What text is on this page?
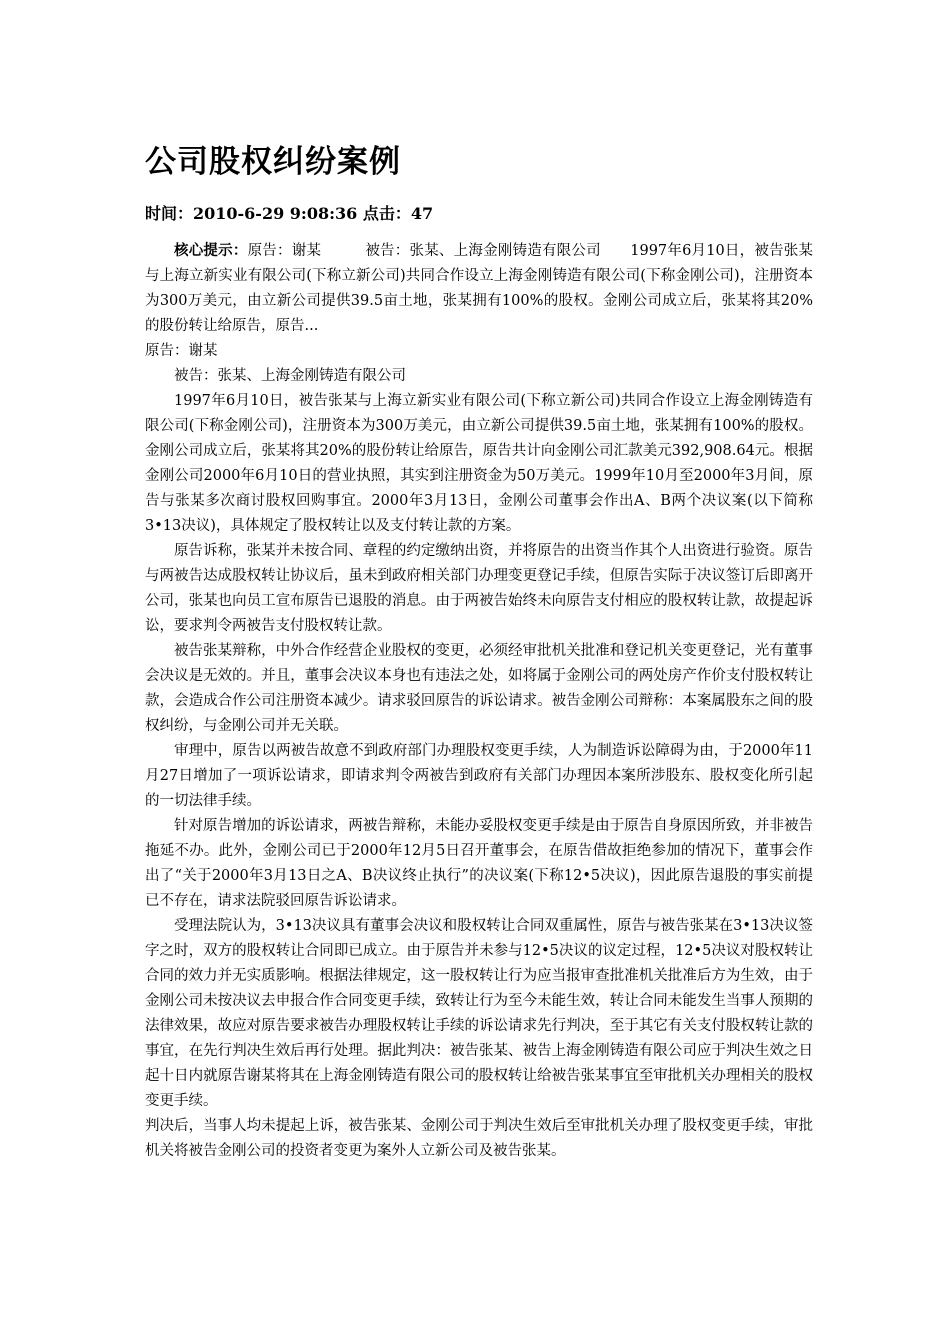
公司股权纠纷案例
时间：2010-6-29 9:08:36 点击：47

核心提示：原告：谢某　　　被告：张某、上海金刚铸造有限公司　　1997年6月10日，被告张某与上海立新实业有限公司(下称立新公司)共同合作设立上海金刚铸造有限公司(下称金刚公司)，注册资本为300万美元，由立新公司提供39.5亩土地，张某拥有100%的股权。金刚公司成立后，张某将其20%的股份转让给原告，原告...

原告：谢某

被告：张某、上海金刚铸造有限公司

1997年6月10日，被告张某与上海立新实业有限公司(下称立新公司)共同合作设立上海金刚铸造有限公司(下称金刚公司)，注册资本为300万美元，由立新公司提供39.5亩土地，张某拥有100%的股权。金刚公司成立后，张某将其20%的股份转让给原告，原告共计向金刚公司汇款美元392,908.64元。根据金刚公司2000年6月10日的营业执照，其实到注册资金为50万美元。1999年10月至2000年3月间，原告与张某多次商讨股权回购事宜。2000年3月13日，金刚公司董事会作出A、B两个决议案(以下简称3•13决议)，具体规定了股权转让以及支付转让款的方案。

原告诉称，张某并未按合同、章程的约定缴纳出资，并将原告的出资当作其个人出资进行验资。原告与两被告达成股权转让协议后，虽未到政府相关部门办理变更登记手续，但原告实际于决议签订后即离开公司，张某也向员工宣布原告已退股的消息。由于两被告始终未向原告支付相应的股权转让款，故提起诉讼，要求判令两被告支付股权转让款。

被告张某辩称，中外合作经营企业股权的变更，必须经审批机关批准和登记机关变更登记，光有董事会决议是无效的。并且，董事会决议本身也有违法之处，如将属于金刚公司的两处房产作价支付股权转让款，会造成合作公司注册资本减少。请求驳回原告的诉讼请求。被告金刚公司辩称：本案属股东之间的股权纠纷，与金刚公司并无关联。

审理中，原告以两被告故意不到政府部门办理股权变更手续，人为制造诉讼障碍为由，于2000年11月27日增加了一项诉讼请求，即请求判令两被告到政府有关部门办理因本案所涉股东、股权变化所引起的一切法律手续。

针对原告增加的诉讼请求，两被告辩称，未能办妥股权变更手续是由于原告自身原因所致，并非被告拖延不办。此外，金刚公司已于2000年12月5日召开董事会，在原告借故拒绝参加的情况下，董事会作出了“关于2000年3月13日之A、B决议终止执行”的决议案(下称12•5决议)，因此原告退股的事实前提已不存在，请求法院驳回原告诉讼请求。

受理法院认为，3•13决议具有董事会决议和股权转让合同双重属性，原告与被告张某在3•13决议签字之时，双方的股权转让合同即已成立。由于原告并未参与12•5决议的议定过程，12•5决议对股权转让合同的效力并无实质影响。根据法律规定，这一股权转让行为应当报审查批准机关批准后方为生效，由于金刚公司未按决议去申报合作合同变更手续，致转让行为至今未能生效，转让合同未能发生当事人预期的法律效果，故应对原告要求被告办理股权转让手续的诉讼请求先行判决，至于其它有关支付股权转让款的事宜，在先行判决生效后再行处理。据此判决：被告张某、被告上海金刚铸造有限公司应于判决生效之日起十日内就原告谢某将其在上海金刚铸造有限公司的股权转让给被告张某事宜至审批机关办理相关的股权变更手续。

判决后，当事人均未提起上诉，被告张某、金刚公司于判决生效后至审批机关办理了股权变更手续，审批机关将被告金刚公司的投资者变更为案外人立新公司及被告张某。
